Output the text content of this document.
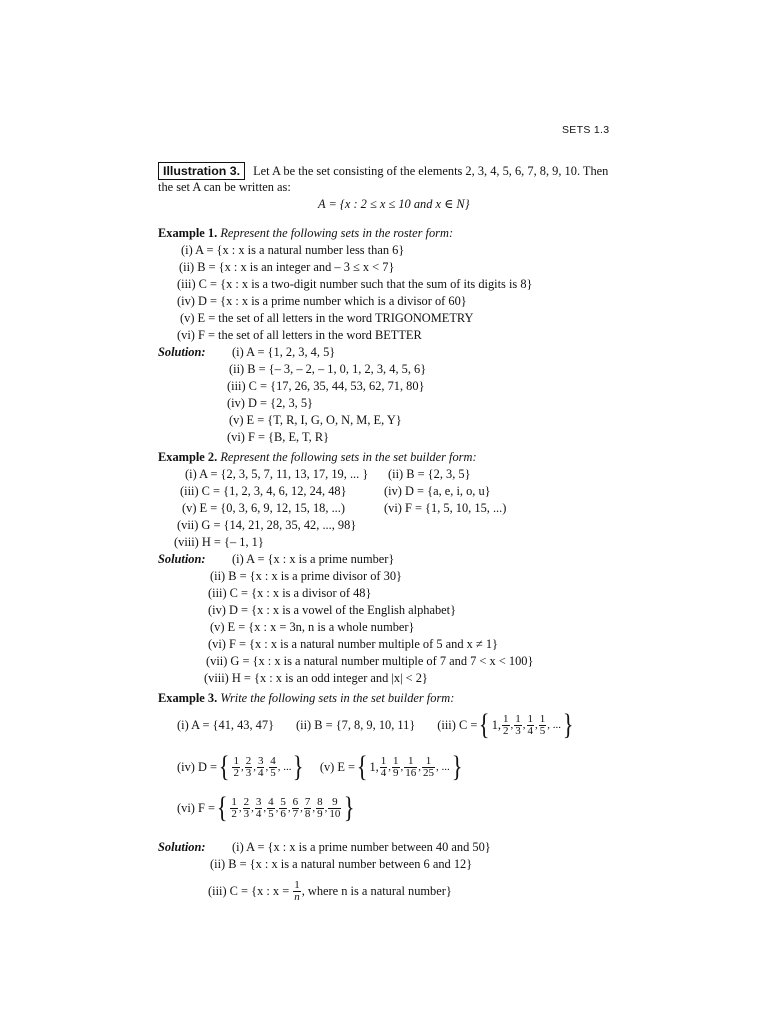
SETS 1.3
Illustration 3. Let A be the set consisting of the elements 2, 3, 4, 5, 6, 7, 8, 9, 10. Then
the set A can be written as:
A = {x : 2 ≤ x ≤ 10 and x ∈ N}
Example 1. Represent the following sets in the roster form:
(i) A = {x : x is a natural number less than 6}
(ii) B = {x : x is an integer and – 3 ≤ x < 7}
(iii) C = {x : x is a two-digit number such that the sum of its digits is 8}
(iv) D = {x : x is a prime number which is a divisor of 60}
(v) E = the set of all letters in the word TRIGONOMETRY
(vi) F = the set of all letters in the word BETTER
Solution: (i) A = {1, 2, 3, 4, 5}
(ii) B = {– 3, – 2, – 1, 0, 1, 2, 3, 4, 5, 6}
(iii) C = {17, 26, 35, 44, 53, 62, 71, 80}
(iv) D = {2, 3, 5}
(v) E = {T, R, I, G, O, N, M, E, Y}
(vi) F = {B, E, T, R}
Example 2. Represent the following sets in the set builder form:
(i) A = {2, 3, 5, 7, 11, 13, 17, 19, ... } (ii) B = {2, 3, 5}
(iii) C = {1, 2, 3, 4, 6, 12, 24, 48}	(iv) D = {a, e, i, o, u}
(v) E = {0, 3, 6, 9, 12, 15, 18, ...)	(vi) F = {1, 5, 10, 15, ...)
(vii) G = {14, 21, 28, 35, 42, ..., 98}
(viii) H = {– 1, 1}
Solution: (i) A = {x : x is a prime number}
(ii) B = {x : x is a prime divisor of 30}
(iii) C = {x : x is a divisor of 48}
(iv) D = {x : x is a vowel of the English alphabet}
(v) E = {x : x = 3n, n is a whole number}
(vi) F = {x : x is a natural number multiple of 5 and x ≠ 1}
(vii) G = {x : x is a natural number multiple of 7 and 7 < x < 100}
(viii) H = {x : x is an odd integer and |x| < 2}
Example 3. Write the following sets in the set builder form:
(i) A = {41, 43, 47} (ii) B = {7, 8, 9, 10, 11} (iii) C = { 1, $\frac{1}{2}$ , $\frac{1}{3}$ , $\frac{1}{4}$ , $\frac{1}{5}$ , ... }
(iv) D = { $\frac{1}{2}$ , $\frac{2}{3}$ , $\frac{3}{4}$ , $\frac{4}{5}$ , ... } (v) E = { 1, $\frac{1}{4}$ , $\frac{1}{9}$ , $\frac{1}{16}$ , $\frac{1}{25}$ , ... }
(vi) F = { $\frac{1}{2}$ , $\frac{2}{3}$ , $\frac{3}{4}$ , $\frac{4}{5}$ , $\frac{5}{6}$ , $\frac{6}{7}$ , $\frac{7}{8}$ , $\frac{8}{9}$ , $\frac{9}{10}$ }
Solution: (i) A = {x : x is a prime number between 40 and 50}
(ii) B = {x : x is a natural number between 6 and 12}
(iii) C = {x : $x = \frac{1}{n}$ , where n is a natural number}
